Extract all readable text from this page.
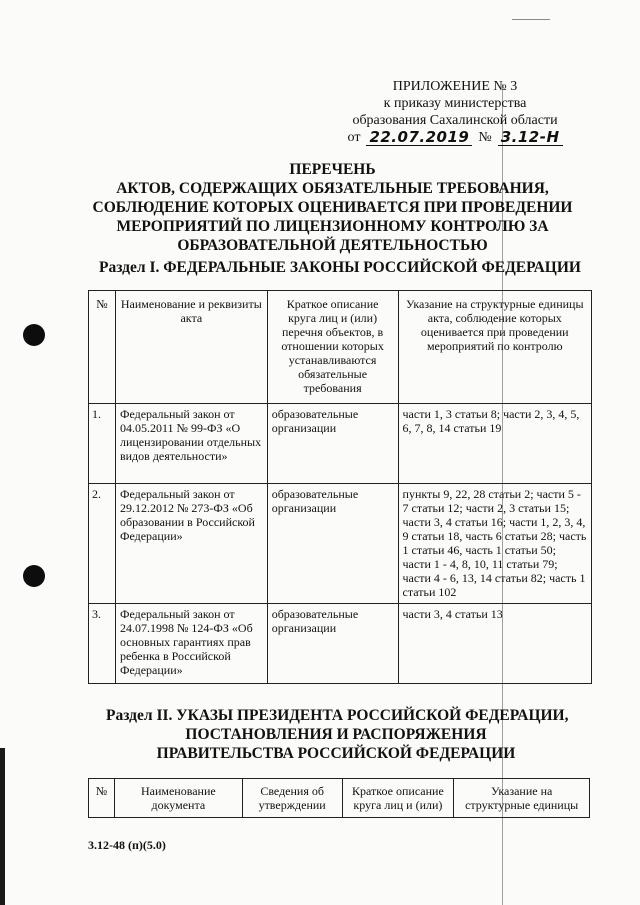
ПРИЛОЖЕНИЕ № 3
к приказу министерства
образования Сахалинской области
от 22.07.2019 № 3.12-Н
ПЕРЕЧЕНЬ
АКТОВ, СОДЕРЖАЩИХ ОБЯЗАТЕЛЬНЫЕ ТРЕБОВАНИЯ,
СОБЛЮДЕНИЕ КОТОРЫХ ОЦЕНИВАЕТСЯ ПРИ ПРОВЕДЕНИИ
МЕРОПРИЯТИЙ ПО ЛИЦЕНЗИОННОМУ КОНТРОЛЮ ЗА
ОБРАЗОВАТЕЛЬНОЙ ДЕЯТЕЛЬНОСТЬЮ
Раздел I. ФЕДЕРАЛЬНЫЕ ЗАКОНЫ РОССИЙСКОЙ ФЕДЕРАЦИИ
№	Наименование и реквизиты акта	Краткое описание круга лиц и (или) перечня объектов, в отношении которых устанавливаются обязательные требования	Указание на структурные единицы акта, соблюдение которых оценивается при проведении мероприятий по контролю
1.	Федеральный закон от 04.05.2011 № 99-ФЗ «О лицензировании отдельных видов деятельности»	образовательные организации	части 1, 3 статьи 8; части 2, 3, 4, 5, 6, 7, 8, 14 статьи 19
2.	Федеральный закон от 29.12.2012 № 273-ФЗ «Об образовании в Российской Федерации»	образовательные организации	пункты 9, 22, 28 статьи 2; части 5 - 7 статьи 12; части 2, 3 статьи 15; части 3, 4 статьи 16; части 1, 2, 3, 4, 9 статьи 18, часть 6 статьи 28; часть 1 статьи 46, часть 1 статьи 50; части 1 - 4, 8, 10, 11 статьи 79; части 4 - 6, 13, 14 статьи 82; часть 1 статьи 102
3.	Федеральный закон от 24.07.1998 № 124-ФЗ «Об основных гарантиях прав ребенка в Российской Федерации»	образовательные организации	части 3, 4 статьи 13
Раздел II. УКАЗЫ ПРЕЗИДЕНТА РОССИЙСКОЙ ФЕДЕРАЦИИ,
ПОСТАНОВЛЕНИЯ И РАСПОРЯЖЕНИЯ
ПРАВИТЕЛЬСТВА РОССИЙСКОЙ ФЕДЕРАЦИИ
№	Наименование документа	Сведения об утверждении	Краткое описание круга лиц и (или)	Указание на структурные единицы
3.12-48 (п)(5.0)
